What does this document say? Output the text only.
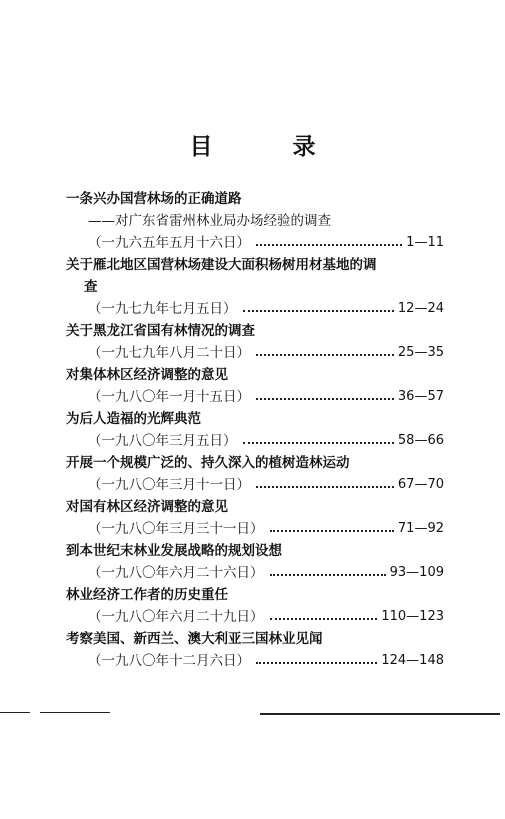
目 录
一条兴办国营林场的正确道路
——对广东省雷州林业局办场经验的调查
（一九六五年五月十六日）	1—11
关于雁北地区国营林场建设大面积杨树用材基地的调
查
（一九七九年七月五日）	12—24
关于黑龙江省国有林情况的调查
（一九七九年八月二十日）	25—35
对集体林区经济调整的意见
（一九八〇年一月十五日）	36—57
为后人造福的光辉典范
（一九八〇年三月五日）	58—66
开展一个规模广泛的、持久深入的植树造林运动
（一九八〇年三月十一日）	67—70
对国有林区经济调整的意见
（一九八〇年三月三十一日）	71—92
到本世纪末林业发展战略的规划设想
（一九八〇年六月二十六日）	93—109
林业经济工作者的历史重任
（一九八〇年六月二十九日）	110—123
考察美国、新西兰、澳大利亚三国林业见闻
（一九八〇年十二月六日）	124—148
